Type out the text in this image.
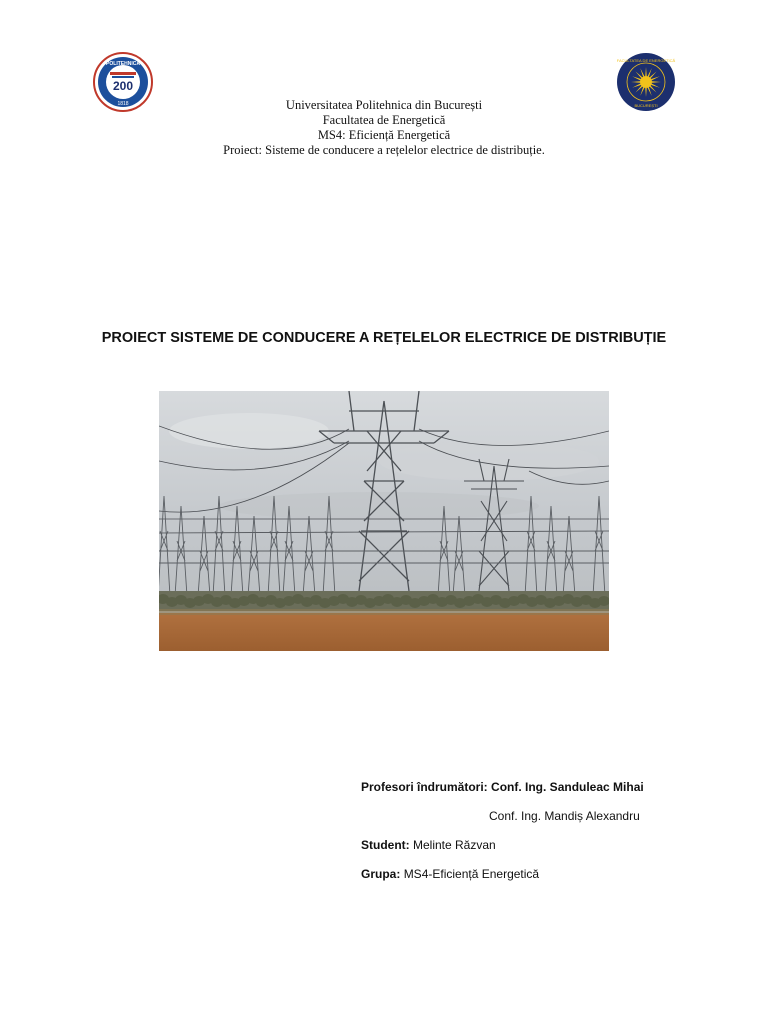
200
POLITEHNICA
1818
FACULTATEA DE ENERGETICĂ
BUCUREȘTI
Universitatea Politehnica din București
Facultatea de Energetică
MS4: Eficiență Energetică
Proiect: Sisteme de conducere a rețelelor electrice de distribuție.
PROIECT SISTEME DE CONDUCERE A REȚELELOR ELECTRICE DE DISTRIBUȚIE
Profesori îndrumători: Conf. Ing. Sanduleac Mihai
Conf. Ing. Mandiș Alexandru
Student: Melinte Răzvan
Grupa: MS4-Eficiență Energetică
